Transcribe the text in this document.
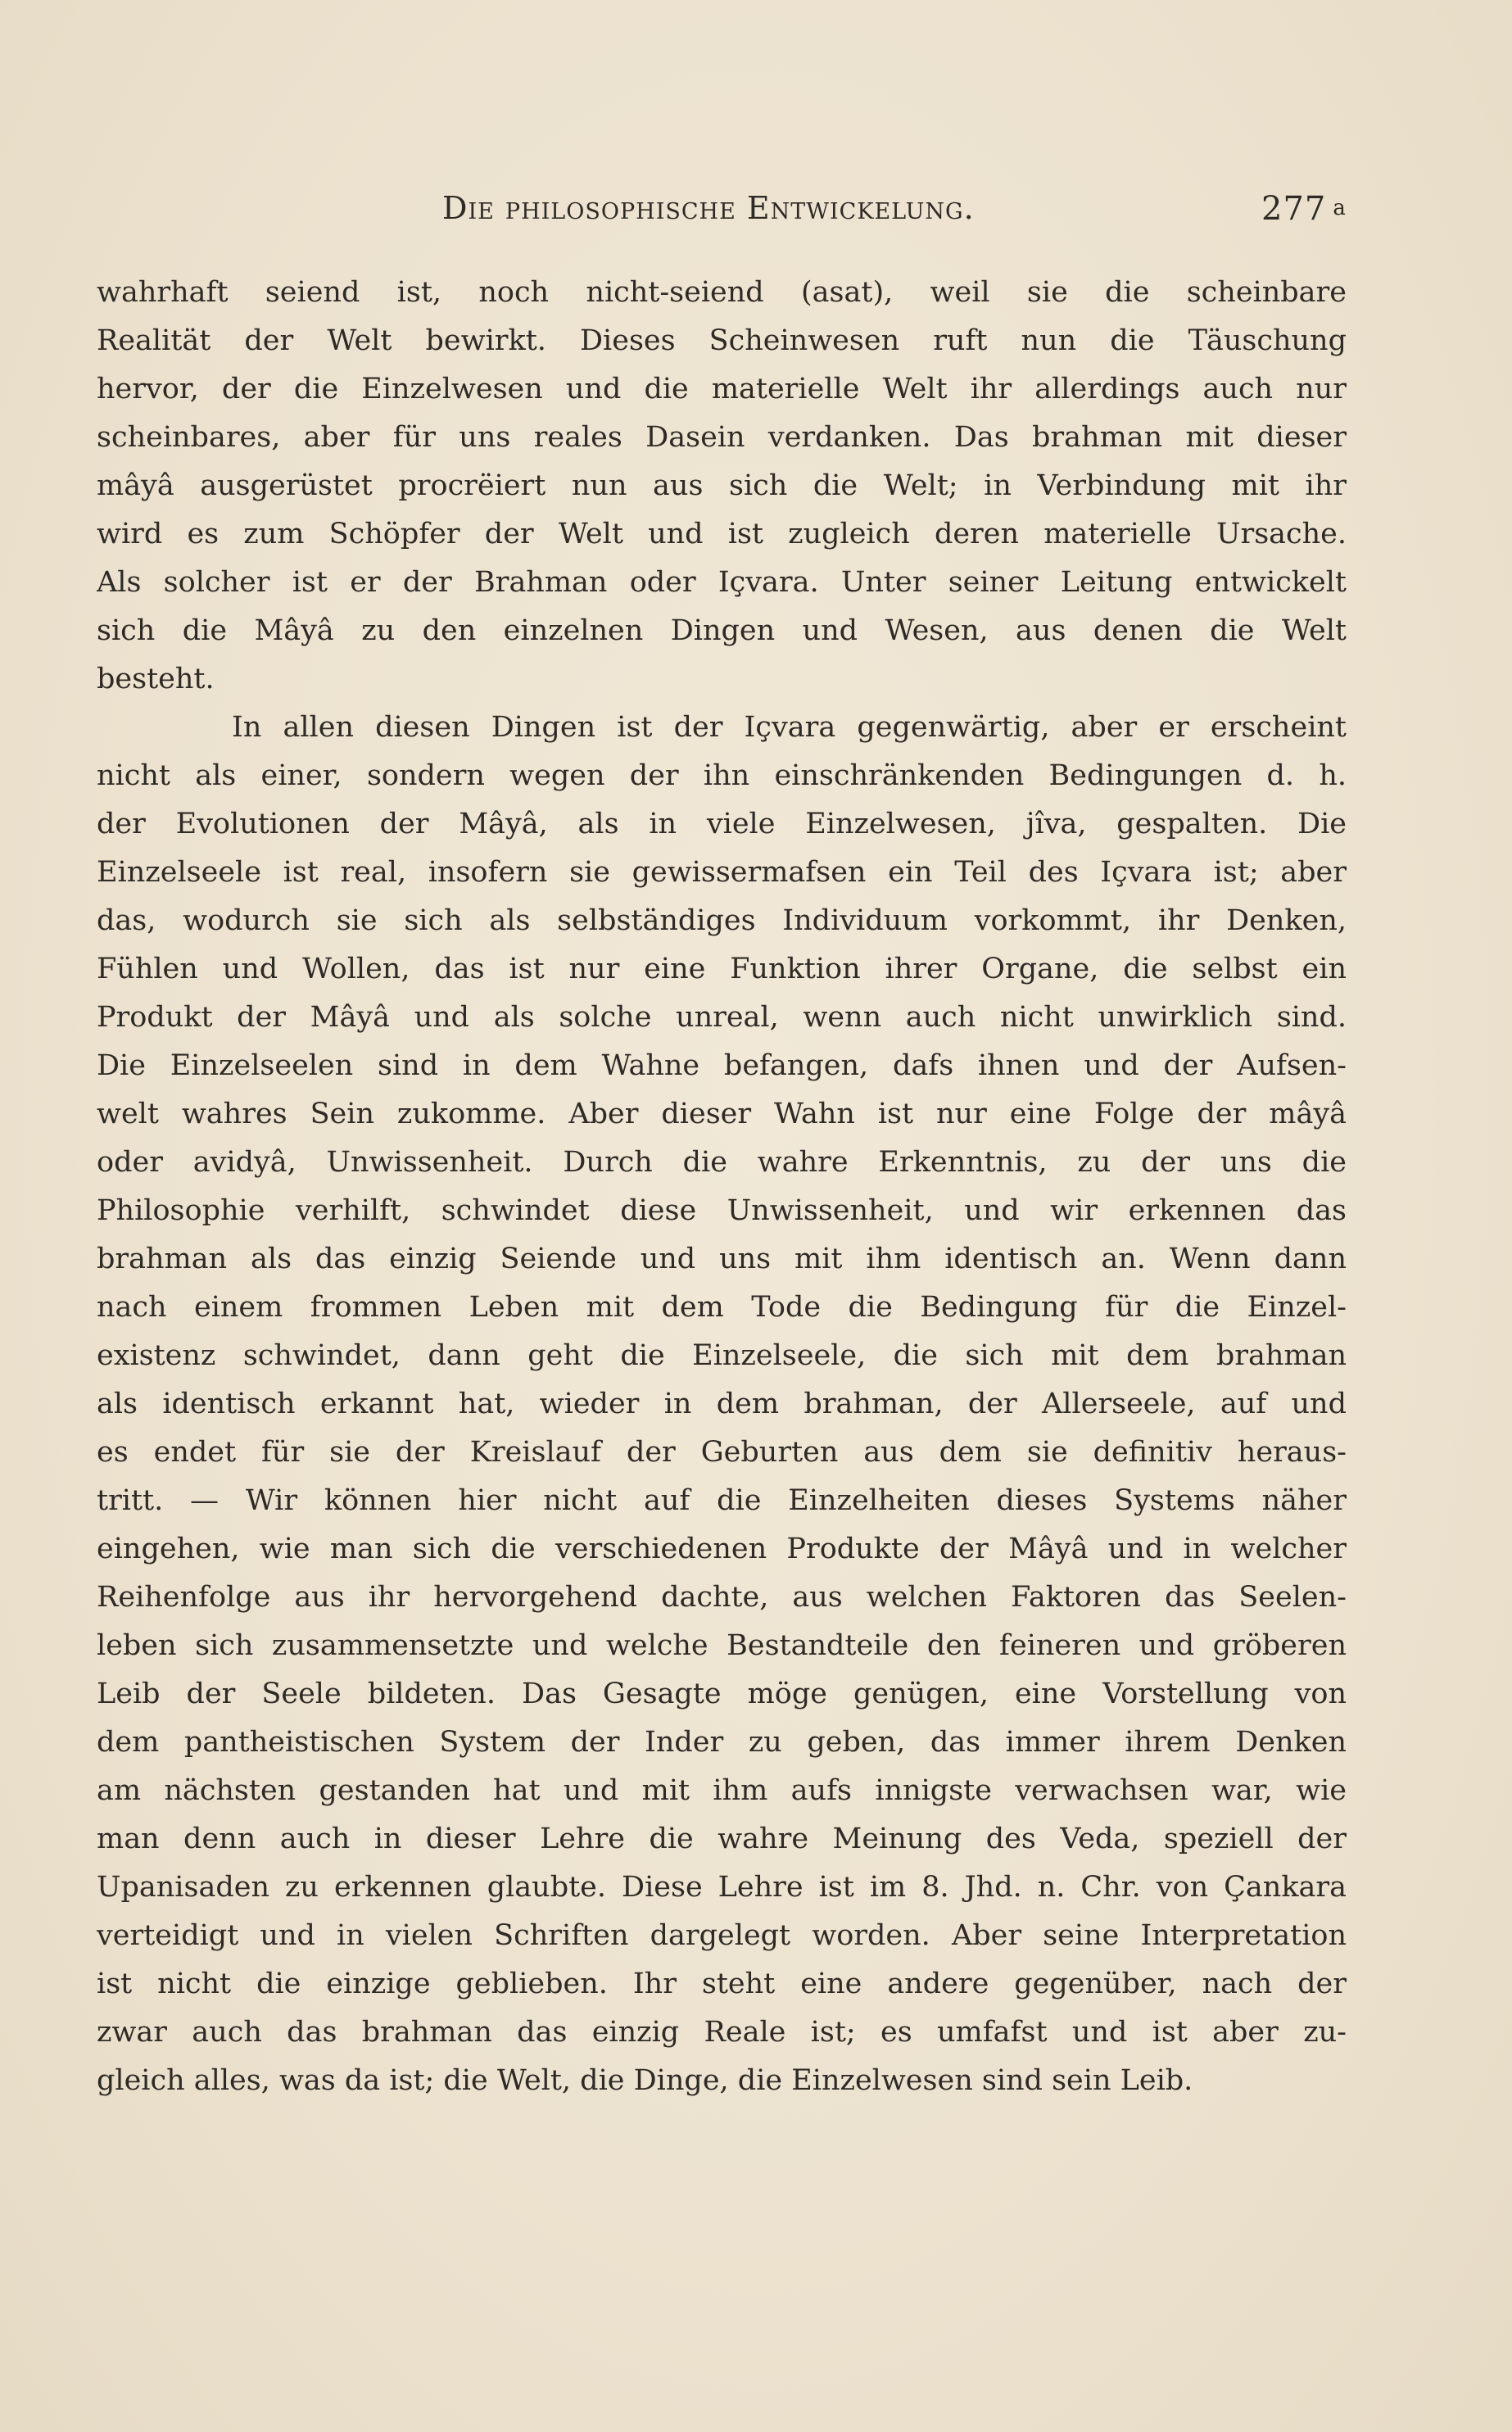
Die philosophische Entwickelung.	277 a
wahrhaft seiend ist, noch nicht-seiend (asat), weil sie die scheinbare
Realität der Welt bewirkt. Dieses Scheinwesen ruft nun die Täuschung
hervor, der die Einzelwesen und die materielle Welt ihr allerdings auch nur
scheinbares, aber für uns reales Dasein verdanken. Das brahman mit dieser
mâyâ ausgerüstet procrëiert nun aus sich die Welt; in Verbindung mit ihr
wird es zum Schöpfer der Welt und ist zugleich deren materielle Ursache.
Als solcher ist er der Brahman oder Içvara. Unter seiner Leitung entwickelt
sich die Mâyâ zu den einzelnen Dingen und Wesen, aus denen die Welt
besteht.
In allen diesen Dingen ist der Içvara gegenwärtig, aber er erscheint
nicht als einer, sondern wegen der ihn einschränkenden Bedingungen d. h.
der Evolutionen der Mâyâ, als in viele Einzelwesen, jîva, gespalten. Die
Einzelseele ist real, insofern sie gewissermafsen ein Teil des Içvara ist; aber
das, wodurch sie sich als selbständiges Individuum vorkommt, ihr Denken,
Fühlen und Wollen, das ist nur eine Funktion ihrer Organe, die selbst ein
Produkt der Mâyâ und als solche unreal, wenn auch nicht unwirklich sind.
Die Einzelseelen sind in dem Wahne befangen, dafs ihnen und der Aufsen-
welt wahres Sein zukomme. Aber dieser Wahn ist nur eine Folge der mâyâ
oder avidyâ, Unwissenheit. Durch die wahre Erkenntnis, zu der uns die
Philosophie verhilft, schwindet diese Unwissenheit, und wir erkennen das
brahman als das einzig Seiende und uns mit ihm identisch an. Wenn dann
nach einem frommen Leben mit dem Tode die Bedingung für die Einzel-
existenz schwindet, dann geht die Einzelseele, die sich mit dem brahman
als identisch erkannt hat, wieder in dem brahman, der Allerseele, auf und
es endet für sie der Kreislauf der Geburten aus dem sie definitiv heraus-
tritt. — Wir können hier nicht auf die Einzelheiten dieses Systems näher
eingehen, wie man sich die verschiedenen Produkte der Mâyâ und in welcher
Reihenfolge aus ihr hervorgehend dachte, aus welchen Faktoren das Seelen-
leben sich zusammensetzte und welche Bestandteile den feineren und gröberen
Leib der Seele bildeten. Das Gesagte möge genügen, eine Vorstellung von
dem pantheistischen System der Inder zu geben, das immer ihrem Denken
am nächsten gestanden hat und mit ihm aufs innigste verwachsen war, wie
man denn auch in dieser Lehre die wahre Meinung des Veda, speziell der
Upanisaden zu erkennen glaubte. Diese Lehre ist im 8. Jhd. n. Chr. von Çankara
verteidigt und in vielen Schriften dargelegt worden. Aber seine Interpretation
ist nicht die einzige geblieben. Ihr steht eine andere gegenüber, nach der
zwar auch das brahman das einzig Reale ist; es umfafst und ist aber zu-
gleich alles, was da ist; die Welt, die Dinge, die Einzelwesen sind sein Leib.
